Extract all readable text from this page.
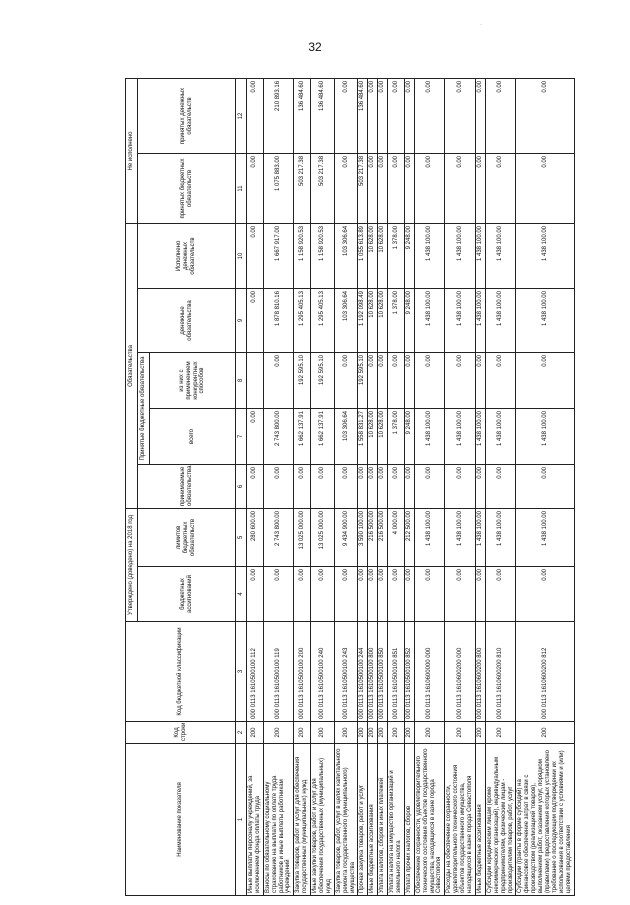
32
·
Наименование показателя	Код строки	Код бюджетной классификации	Утверждено (доведено) на 2018 год		Обязательства					Не исполнено	
			бюджетных ассигнований	лимитов бюджетных обязательств	принимаемые обязательства	Принятые бюджетные обязательства		денежные обязательства	Исполнено денежных обязательств	принятых бюджетных обязательств	принятых денежных обязательств
						всего	из них с применением конкурентных способов				
1	2	3	4	5	6	7	8	9	10	11	12
Иные выплаты персоналу учреждений, за исключением фонда оплаты труда	200	000 0113 1610500100 112	0.00	280 600.00	0.00	0.00		0.00	0.00	0.00	0.00
Взносы по обязательному социальному страхованию на выплаты по оплате труда работников и иные выплаты работникам учреждений	200	000 0113 1610500100 119	0.00	2 743 800.00	0.00	2 743 800.00	0.00	1 878 810.16	1 667 917.00	1 075 883.00	210 893.16
Закупка товаров, работ и услуг для обеспечения государственных (муниципальных) нужд	200	000 0113 1610500100 200	0.00	13 025 000.00	0.00	1 662 137.91	192 595.10	1 295 405.13	1 158 920.53	503 217.38	136 484.60
Иные закупки товаров, работ и услуг для обеспечения государственных (муниципальных) нужд	200	000 0113 1610500100 240	0.00	13 025 000.00	0.00	1 662 137.91	192 595.10	1 295 405.13	1 158 920.53	503 217.38	136 484.60
Закупка товаров, работ, услуг в целях капитального ремонта государственного (муниципального) имущества	200	000 0113 1610500100 243	0.00	9 434 900.00	0.00	103 306.64	0.00	103 306.64	103 306.64	0.00	0.00
Прочая закупка товаров, работ и услуг	200	000 0113 1610500100 244	0.00	3 590 100.00	0.00	1 558 831.27	192 595.10	1 192 098.49	1 055 613.89	503 217.38	136 484.60
Иные бюджетные ассигнования	200	000 0113 1610500100 800	0.00	216 500.00	0.00	10 628.00	0.00	10 628.00	10 628.00	0.00	0.00
Уплата налогов, сборов и иных платежей	200	000 0113 1610500100 850	0.00	216 500.00	0.00	10 628.00	0.00	10 628.00	10 628.00	0.00	0.00
Уплата налога на имущество организаций и земельного налога	200	000 0113 1610500100 851	0.00	4 000.00	0.00	1 378.00	0.00	1 378.00	1 378.00	0.00	0.00
Уплата прочих налогов, сборов	200	000 0113 1610500100 852	0.00	212 500.00	0.00	9 248.00	0.00	9 248.00	9 248.00	0.00	0.00
Обеспечение сохранности, удовлетворительного технического состояния объектов государственного имущества, находящихся в казне города Севастополя	200	000 0113 1610600000 000	0.00	1 438 100.00	0.00	1 438 100.00	0.00	1 438 100.00	1 438 100.00	0.00	0.00
Расходы на обеспечение сохранности, удовлетворительного технического состояния объектов государственного имущества, находящихся в казне города Севастополя	200	000 0113 1610600200 000	0.00	1 438 100.00	0.00	1 438 100.00	0.00	1 438 100.00	1 438 100.00	0.00	0.00
Иные бюджетные ассигнования	200	000 0113 1610600200 800	0.00	1 438 100.00	0.00	1 438 100.00	0.00	1 438 100.00	1 438 100.00	0.00	0.00
Субсидии юридическим лицам (кроме некоммерческих организаций), индивидуальным предпринимателям, физическим лицам - производителям товаров, работ, услуг	200	000 0113 1610600200 810	0.00	1 438 100.00	0.00	1 438 100.00	0.00	1 438 100.00	1 438 100.00	0.00	0.00
Субсидии (гранты в форме субсидий) на финансовое обеспечение затрат в связи с производством (реализацией товаров), выполнением работ, оказанием услуг, порядком (правилами) предоставления которых установлено требование о последующем подтверждении их использования в соответствии с условиями и (или) целями предоставления	200	000 0113 1610600200 812	0.00	1 438 100.00	0.00	1 438 100.00	0.00	1 438 100.00	1 438 100.00	0.00	0.00
